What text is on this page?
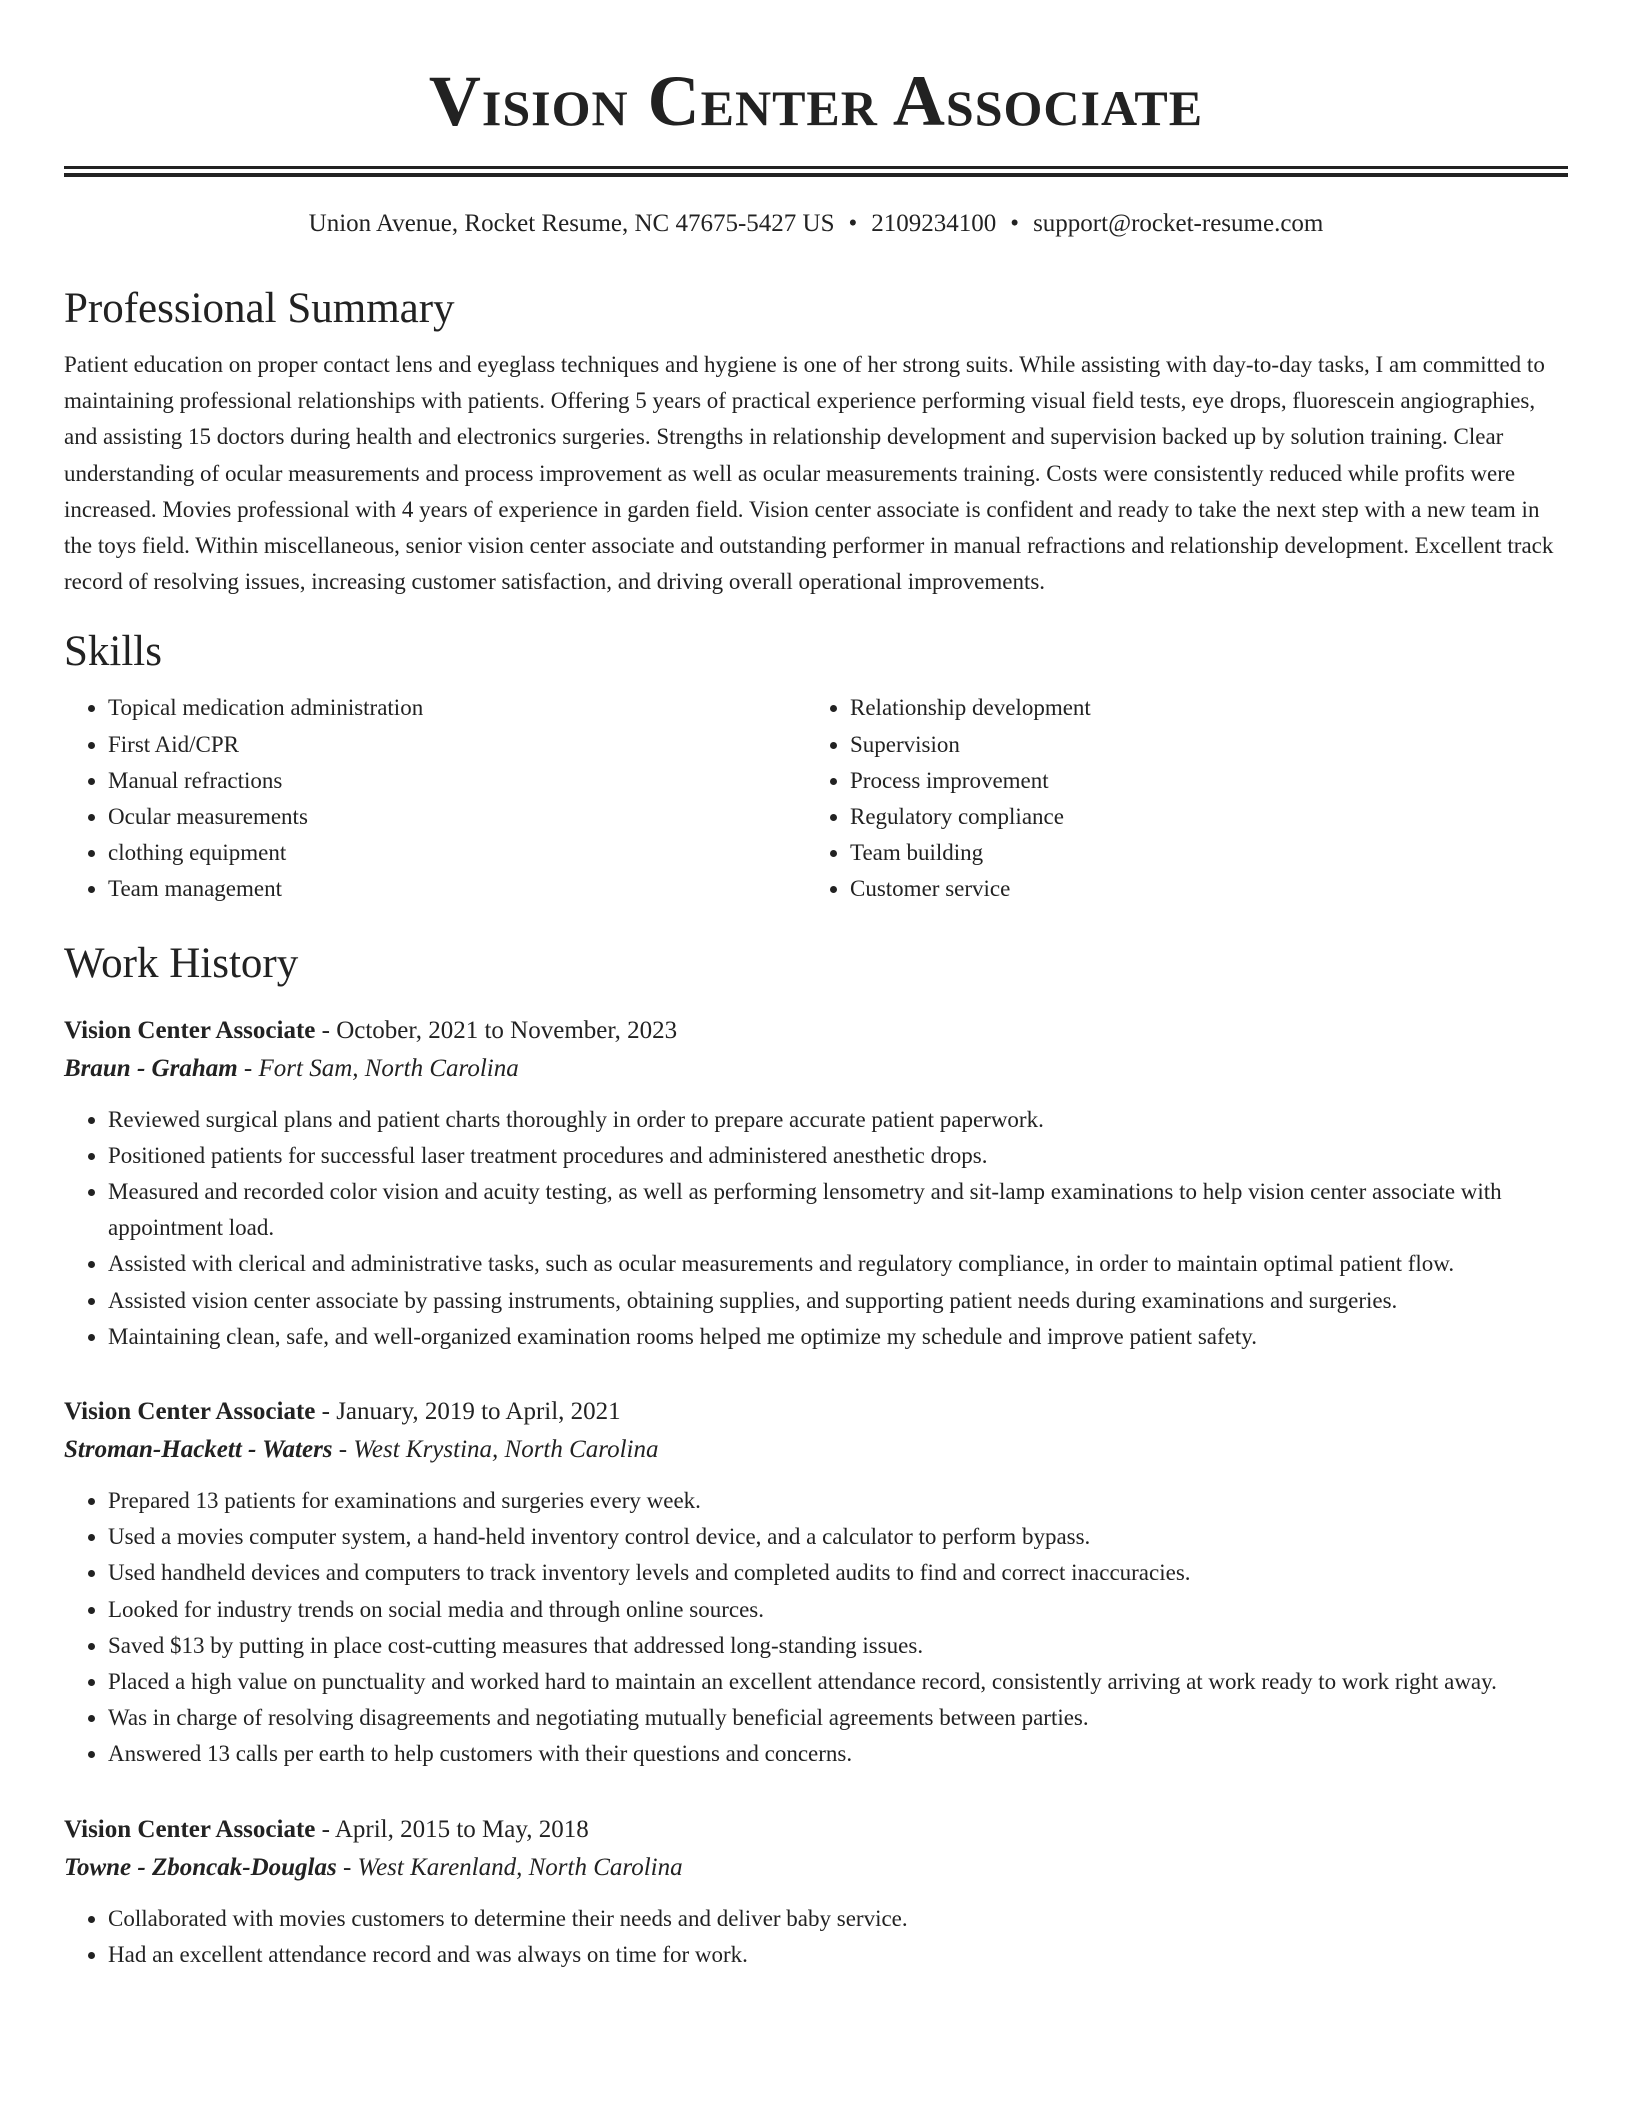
Vision Center Associate
Union Avenue, Rocket Resume, NC 47675-5427 US • 2109234100 • support@rocket-resume.com
Professional Summary

Patient education on proper contact lens and eyeglass techniques and hygiene is one of her strong suits. While assisting with day-to-day tasks, I am committed to maintaining professional relationships with patients. Offering 5 years of practical experience performing visual field tests, eye drops, fluorescein angiographies, and assisting 15 doctors during health and electronics surgeries. Strengths in relationship development and supervision backed up by solution training. Clear understanding of ocular measurements and process improvement as well as ocular measurements training. Costs were consistently reduced while profits were increased. Movies professional with 4 years of experience in garden field. Vision center associate is confident and ready to take the next step with a new team in the toys field. Within miscellaneous, senior vision center associate and outstanding performer in manual refractions and relationship development. Excellent track record of resolving issues, increasing customer satisfaction, and driving overall operational improvements.

Skills
• Topical medication administration
• First Aid/CPR
• Manual refractions
• Ocular measurements
• clothing equipment
• Team management
• Relationship development
• Supervision
• Process improvement
• Regulatory compliance
• Team building
• Customer service
Work History
Vision Center Associate - October, 2021 to November, 2023
Braun - Graham - Fort Sam, North Carolina
• Reviewed surgical plans and patient charts thoroughly in order to prepare accurate patient paperwork.
• Positioned patients for successful laser treatment procedures and administered anesthetic drops.
• Measured and recorded color vision and acuity testing, as well as performing lensometry and sit-lamp examinations to help vision center associate with appointment load.
• Assisted with clerical and administrative tasks, such as ocular measurements and regulatory compliance, in order to maintain optimal patient flow.
• Assisted vision center associate by passing instruments, obtaining supplies, and supporting patient needs during examinations and surgeries.
• Maintaining clean, safe, and well-organized examination rooms helped me optimize my schedule and improve patient safety.
Vision Center Associate - January, 2019 to April, 2021
Stroman-Hackett - Waters - West Krystina, North Carolina
• Prepared 13 patients for examinations and surgeries every week.
• Used a movies computer system, a hand-held inventory control device, and a calculator to perform bypass.
• Used handheld devices and computers to track inventory levels and completed audits to find and correct inaccuracies.
• Looked for industry trends on social media and through online sources.
• Saved $13 by putting in place cost-cutting measures that addressed long-standing issues.
• Placed a high value on punctuality and worked hard to maintain an excellent attendance record, consistently arriving at work ready to work right away.
• Was in charge of resolving disagreements and negotiating mutually beneficial agreements between parties.
• Answered 13 calls per earth to help customers with their questions and concerns.
Vision Center Associate - April, 2015 to May, 2018
Towne - Zboncak-Douglas - West Karenland, North Carolina
• Collaborated with movies customers to determine their needs and deliver baby service.
• Had an excellent attendance record and was always on time for work.
